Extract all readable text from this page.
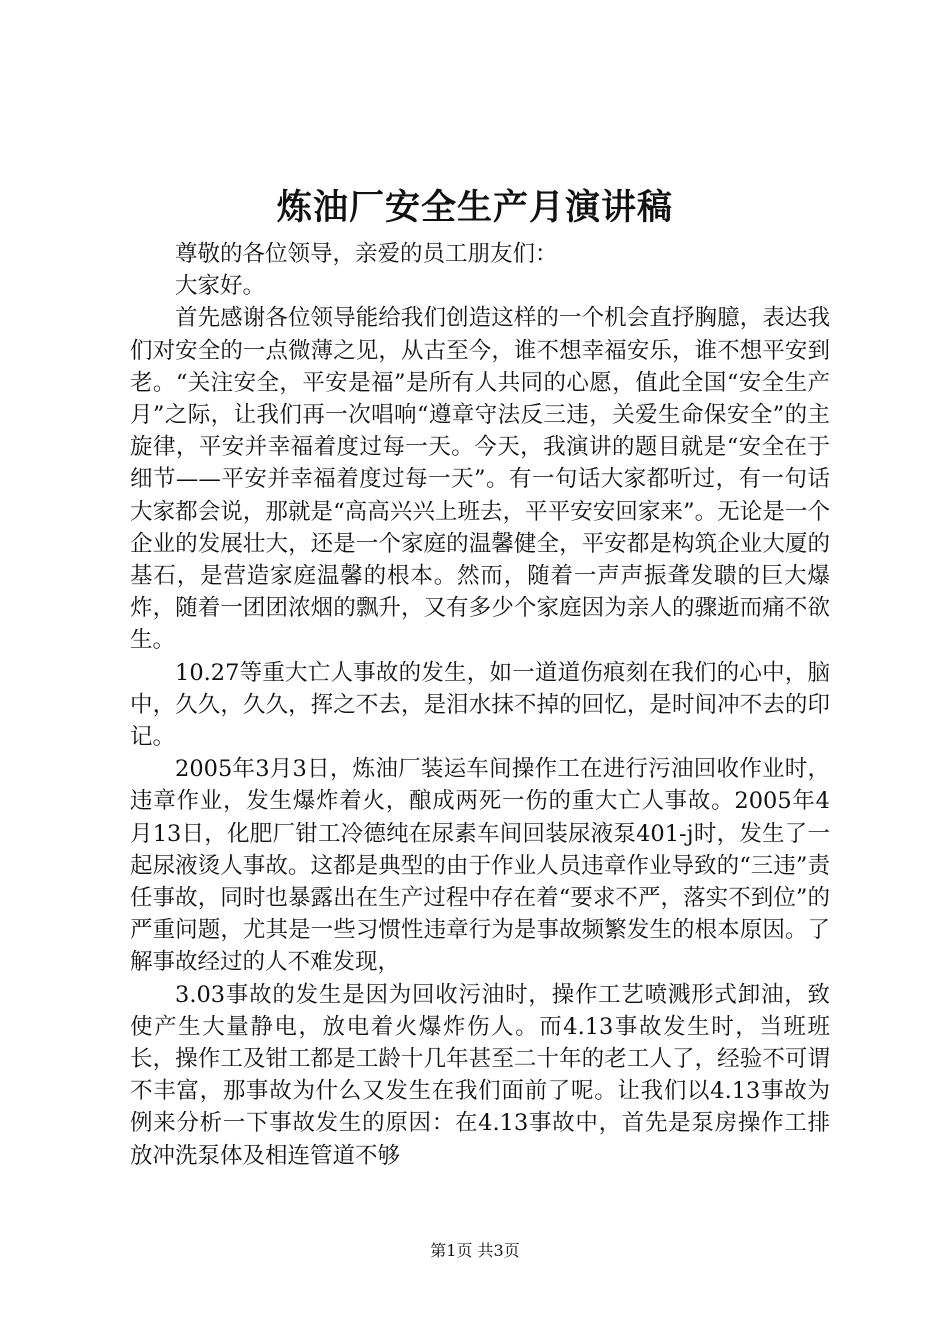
炼油厂安全生产月演讲稿

尊敬的各位领导，亲爱的员工朋友们：

大家好。

首先感谢各位领导能给我们创造这样的一个机会直抒胸臆，表达我们对安全的一点微薄之见，从古至今，谁不想幸福安乐，谁不想平安到老。“关注安全，平安是福”是所有人共同的心愿，值此全国“安全生产月”之际，让我们再一次唱响“遵章守法反三违，关爱生命保安全”的主旋律，平安并幸福着度过每一天。今天，我演讲的题目就是“安全在于细节——平安并幸福着度过每一天”。有一句话大家都听过，有一句话大家都会说，那就是“高高兴兴上班去，平平安安回家来”。无论是一个企业的发展壮大，还是一个家庭的温馨健全，平安都是构筑企业大厦的基石，是营造家庭温馨的根本。然而，随着一声声振聋发聩的巨大爆炸，随着一团团浓烟的飘升，又有多少个家庭因为亲人的骤逝而痛不欲生。

10.27等重大亡人事故的发生，如一道道伤痕刻在我们的心中，脑中，久久，久久，挥之不去，是泪水抹不掉的回忆，是时间冲不去的印记。

2005年3月3日，炼油厂装运车间操作工在进行污油回收作业时，违章作业，发生爆炸着火，酿成两死一伤的重大亡人事故。2005年4月13日，化肥厂钳工冷德纯在尿素车间回装尿液泵401-j时，发生了一起尿液烫人事故。这都是典型的由于作业人员违章作业导致的“三违”责任事故，同时也暴露出在生产过程中存在着“要求不严，落实不到位”的严重问题，尤其是一些习惯性违章行为是事故频繁发生的根本原因。了解事故经过的人不难发现，

3.03事故的发生是因为回收污油时，操作工艺喷溅形式卸油，致使产生大量静电，放电着火爆炸伤人。而4.13事故发生时，当班班长，操作工及钳工都是工龄十几年甚至二十年的老工人了，经验不可谓不丰富，那事故为什么又发生在我们面前了呢。让我们以4.13事故为例来分析一下事故发生的原因：在4.13事故中，首先是泵房操作工排放冲洗泵体及相连管道不够

第1页 共3页
